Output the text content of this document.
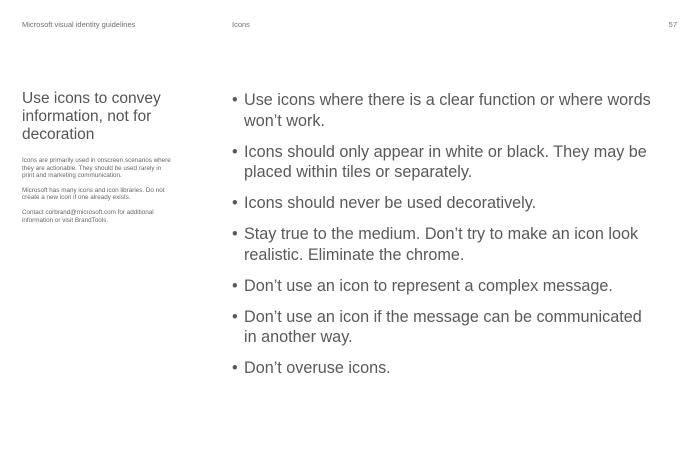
Microsoft visual identity guidelines	Icons	57
Use icons to convey information, not for decoration

Icons are primarily used in onscreen scenarios where they are actionable. They should be used rarely in print and marketing communication.

Microsoft has many icons and icon libraries. Do not create a new icon if one already exists.

Contact corbrand@microsoft.com for additional information or visit BrandTools.

• Use icons where there is a clear function or where words won’t work.
• Icons should only appear in white or black. They may be placed within tiles or separately.
• Icons should never be used decoratively.
• Stay true to the medium. Don’t try to make an icon look realistic. Eliminate the chrome.
• Don’t use an icon to represent a complex message.
• Don’t use an icon if the message can be communicated in another way.
• Don’t overuse icons.
